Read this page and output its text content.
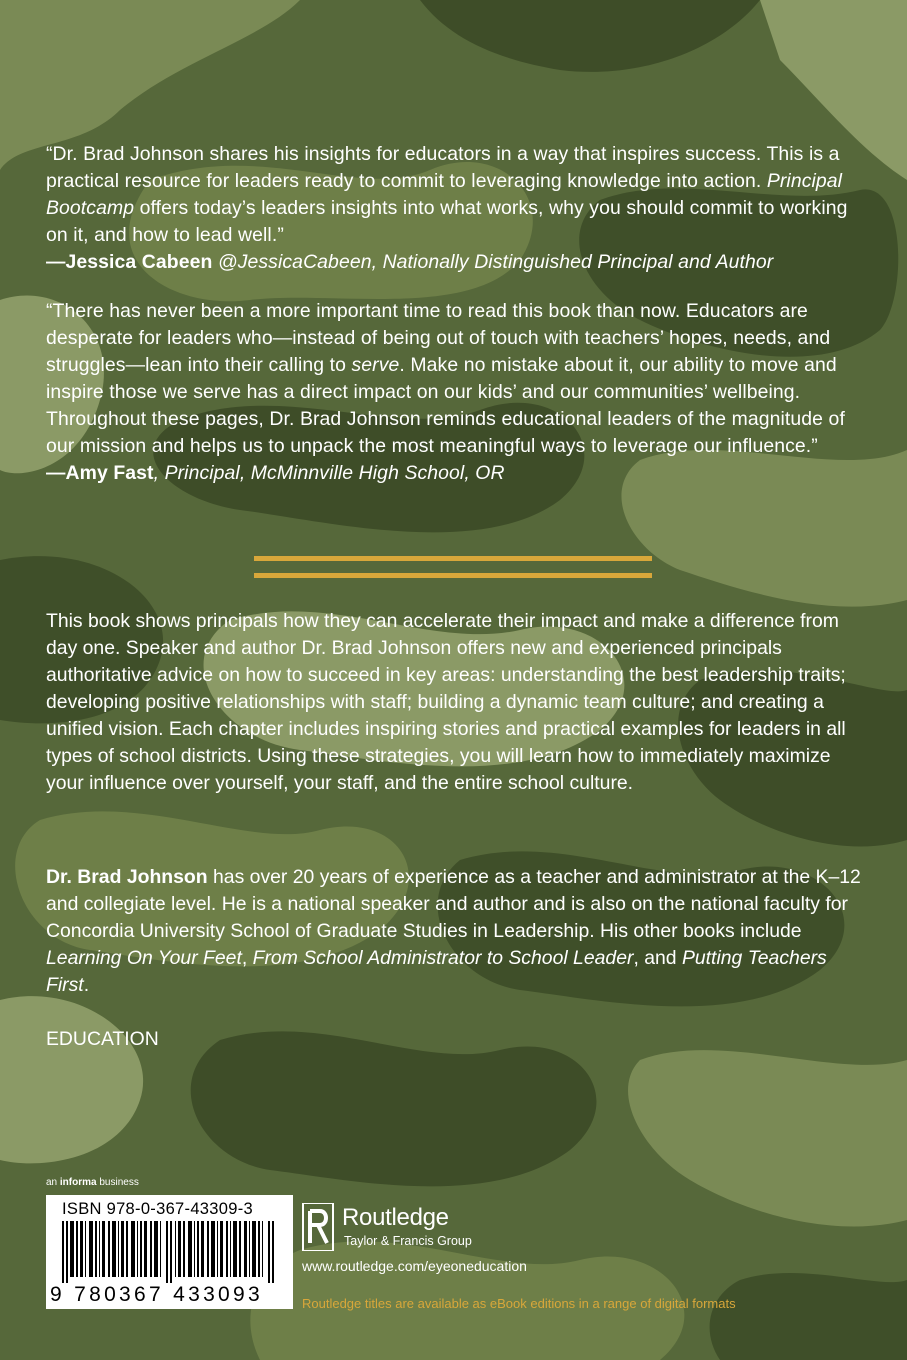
“Dr. Brad Johnson shares his insights for educators in a way that inspires success. This is a practical resource for leaders ready to commit to leveraging knowledge into action. Principal Bootcamp offers today’s leaders insights into what works, why you should commit to working on it, and how to lead well.”
—Jessica Cabeen @JessicaCabeen, Nationally Distinguished Principal and Author
“There has never been a more important time to read this book than now. Educators are desperate for leaders who—instead of being out of touch with teachers’ hopes, needs, and struggles—lean into their calling to serve. Make no mistake about it, our ability to move and inspire those we serve has a direct impact on our kids’ and our communities’ wellbeing. Throughout these pages, Dr. Brad Johnson reminds educational leaders of the magnitude of our mission and helps us to unpack the most meaningful ways to leverage our influence.”
—Amy Fast, Principal, McMinnville High School, OR
This book shows principals how they can accelerate their impact and make a difference from day one. Speaker and author Dr. Brad Johnson offers new and experienced principals authoritative advice on how to succeed in key areas: understanding the best leadership traits; developing positive relationships with staff; building a dynamic team culture; and creating a unified vision. Each chapter includes inspiring stories and practical examples for leaders in all types of school districts. Using these strategies, you will learn how to immediately maximize your influence over yourself, your staff, and the entire school culture.
Dr. Brad Johnson has over 20 years of experience as a teacher and administrator at the K–12 and collegiate level. He is a national speaker and author and is also on the national faculty for Concordia University School of Graduate Studies in Leadership. His other books include Learning On Your Feet, From School Administrator to School Leader, and Putting Teachers First.
EDUCATION
an informa business
ISBN 978-0-367-43309-3
9 780367 433093
Routledge
Taylor & Francis Group
www.routledge.com/eyeoneducation
Routledge titles are available as eBook editions in a range of digital formats
